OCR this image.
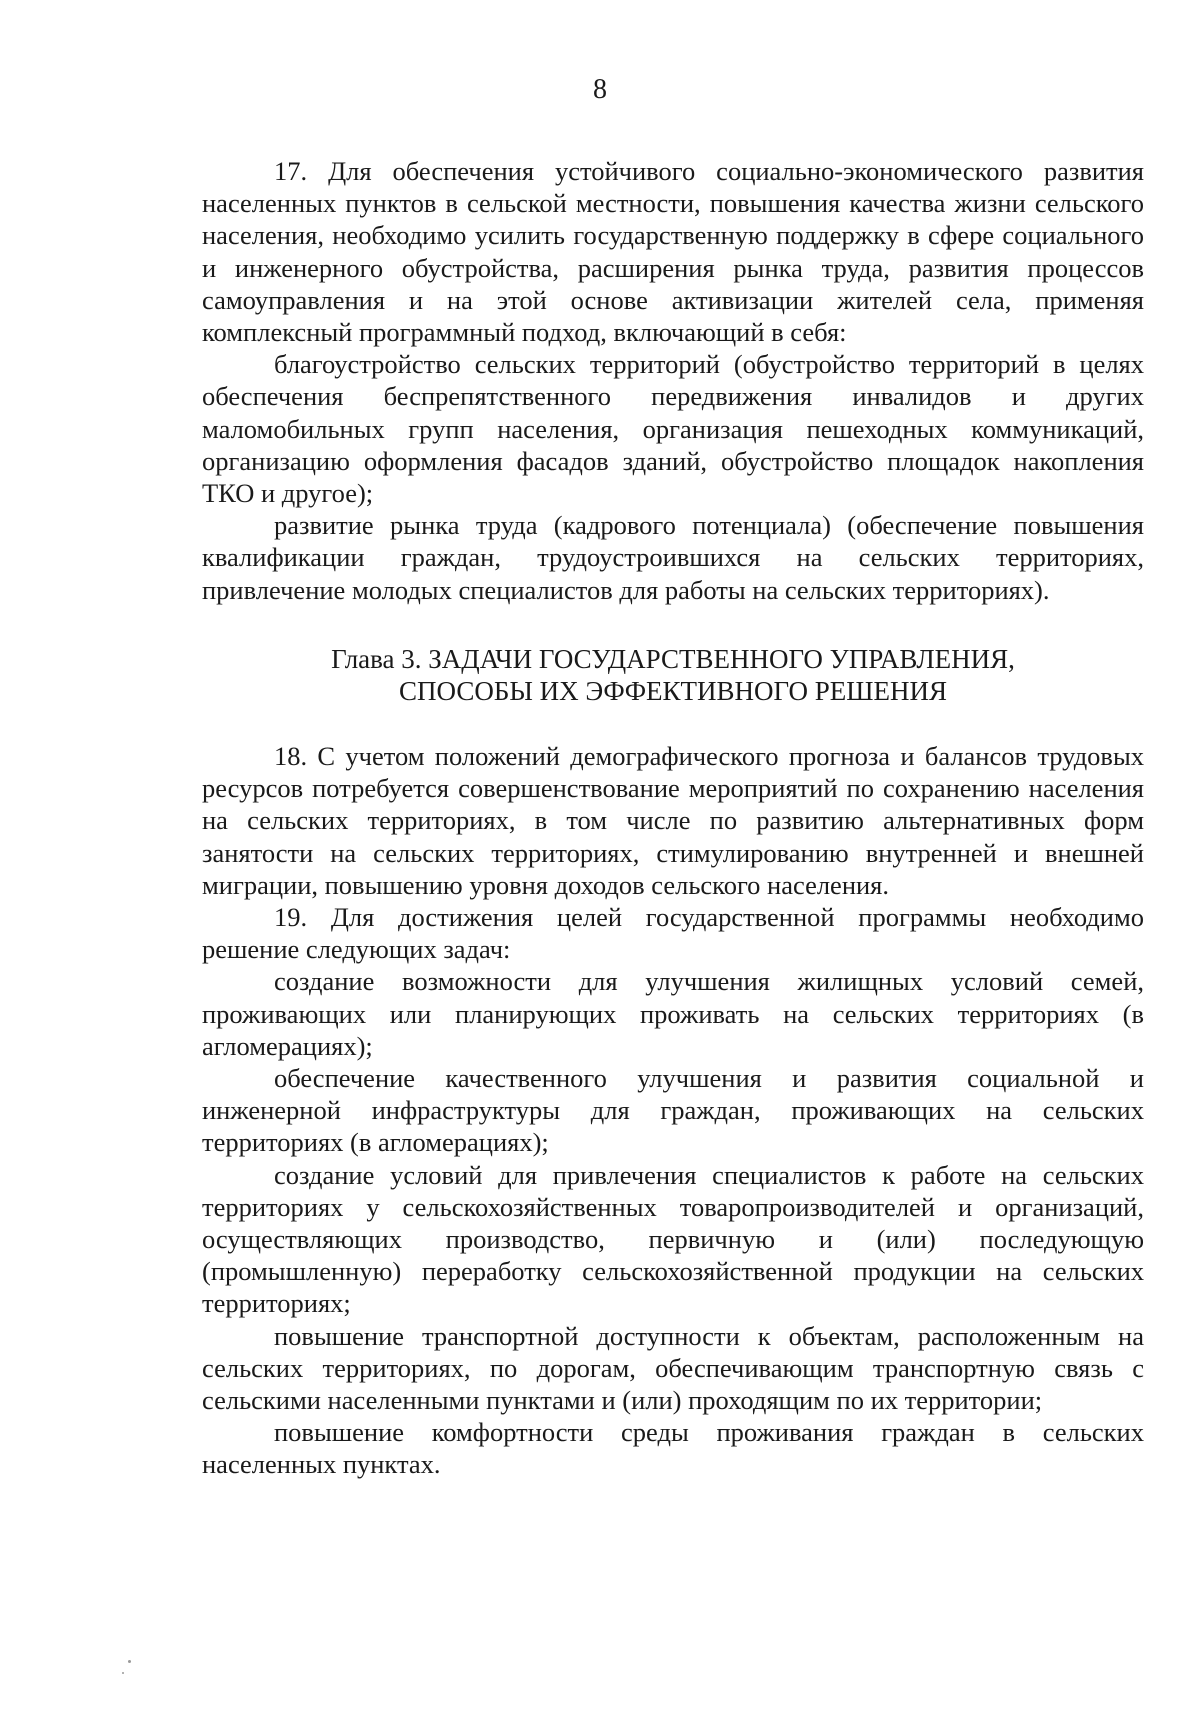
8

17. Для обеспечения устойчивого социально-экономического развития населенных пунктов в сельской местности, повышения качества жизни сельского населения, необходимо усилить государственную поддержку в сфере социального и инженерного обустройства, расширения рынка труда, развития процессов самоуправления и на этой основе активизации жителей села, применяя комплексный программный подход, включающий в себя:

благоустройство сельских территорий (обустройство территорий в целях обеспечения беспрепятственного передвижения инвалидов и других маломобильных групп населения, организация пешеходных коммуникаций, организацию оформления фасадов зданий, обустройство площадок накопления ТКО и другое);

развитие рынка труда (кадрового потенциала) (обеспечение повышения квалификации граждан, трудоустроившихся на сельских территориях, привлечение молодых специалистов для работы на сельских территориях).

Глава 3. ЗАДАЧИ ГОСУДАРСТВЕННОГО УПРАВЛЕНИЯ,
СПОСОБЫ ИХ ЭФФЕКТИВНОГО РЕШЕНИЯ

18. С учетом положений демографического прогноза и балансов трудовых ресурсов потребуется совершенствование мероприятий по сохранению населения на сельских территориях, в том числе по развитию альтернативных форм занятости на сельских территориях, стимулированию внутренней и внешней миграции, повышению уровня доходов сельского населения.

19. Для достижения целей государственной программы необходимо решение следующих задач:

создание возможности для улучшения жилищных условий семей, проживающих или планирующих проживать на сельских территориях (в агломерациях);

обеспечение качественного улучшения и развития социальной и инженерной инфраструктуры для граждан, проживающих на сельских территориях (в агломерациях);

создание условий для привлечения специалистов к работе на сельских территориях у сельскохозяйственных товаропроизводителей и организаций, осуществляющих производство, первичную и (или) последующую (промышленную) переработку сельскохозяйственной продукции на сельских территориях;

повышение транспортной доступности к объектам, расположенным на сельских территориях, по дорогам, обеспечивающим транспортную связь с сельскими населенными пунктами и (или) проходящим по их территории;

повышение комфортности среды проживания граждан в сельских населенных пунктах.
